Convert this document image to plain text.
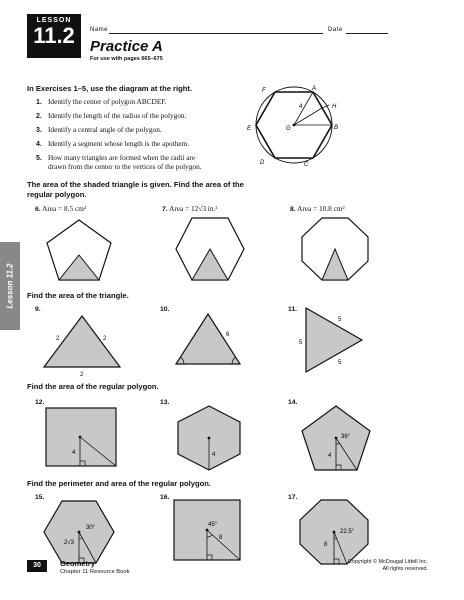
LESSON
11.2	Name	Date
Practice A
For use with pages 665–675
Lesson 11.2
In Exercises 1–5, use the diagram at the right.
1. Identify the center of polygon ABCDEF.
2. Identify the length of the radius of the polygon.
3. Identify a central angle of the polygon.
4. Identify a segment whose length is the apothem.
5. How many triangles are formed when the radii are
drawn from the center to the vertices of the polygon.
F	A
H
B
C
D
E	G
4
The area of the shaded triangle is given. Find the area of the
regular polygon.
6. Area = 8.5 cm²	7. Area = 12√3 in.²	8. Area = 10.8 cm²
Find the area of the triangle.
9.	10.	11.
2	2
2
6
5
5
5
Find the area of the regular polygon.
12.	13.	14.
4	4
36°
4
Find the perimeter and area of the regular polygon.
15.	16.	17.
30°
2√3
45°
8
22.5°
8
30	Geometry
Chapter 11 Resource Book
Copyright © McDougal Littell Inc.
All rights reserved.
